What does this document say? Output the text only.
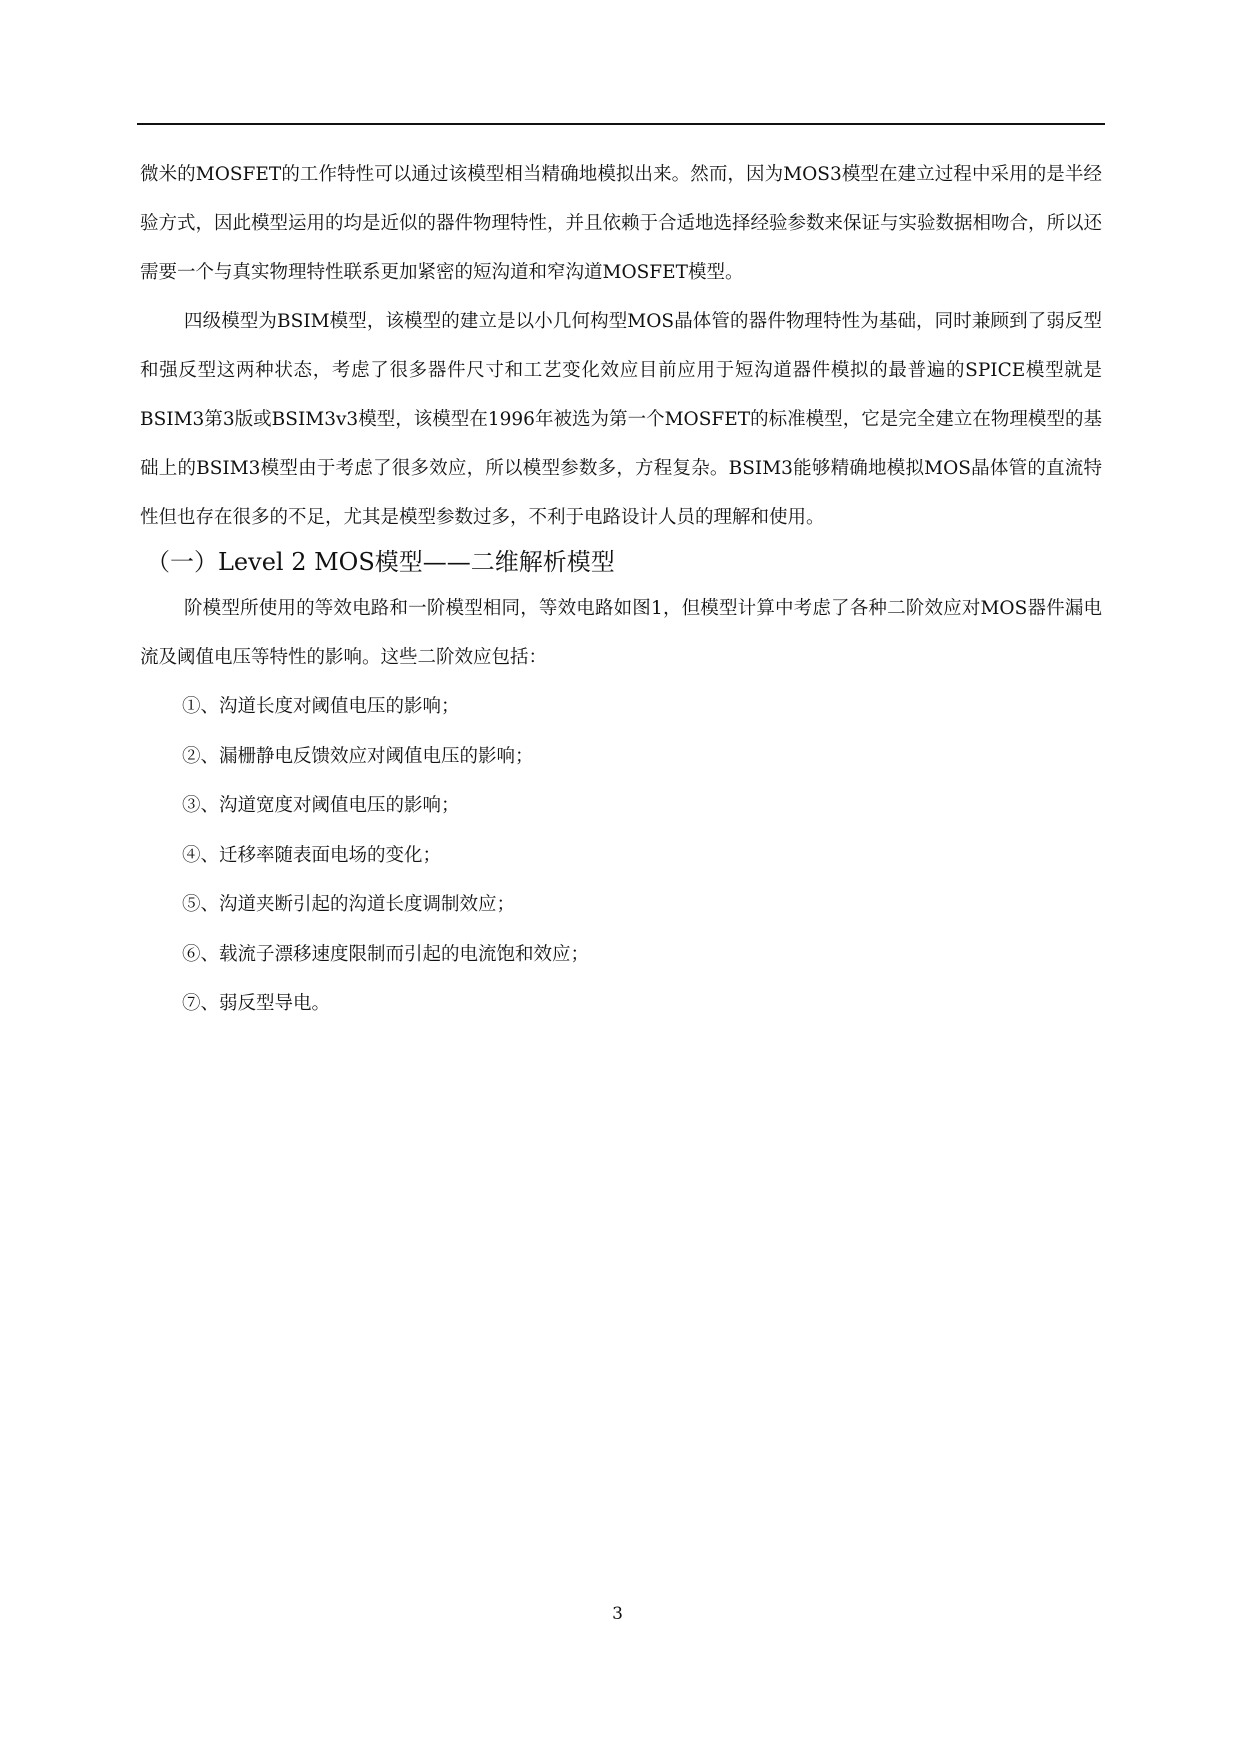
微米的MOSFET的工作特性可以通过该模型相当精确地模拟出来。然而，因为MOS3模型在建立过程中采用的是半经验方式，因此模型运用的均是近似的器件物理特性，并且依赖于合适地选择经验参数来保证与实验数据相吻合，所以还需要一个与真实物理特性联系更加紧密的短沟道和窄沟道MOSFET模型。

四级模型为BSIM模型，该模型的建立是以小几何构型MOS晶体管的器件物理特性为基础，同时兼顾到了弱反型和强反型这两种状态，考虑了很多器件尺寸和工艺变化效应目前应用于短沟道器件模拟的最普遍的SPICE模型就是BSIM3第3版或BSIM3v3模型，该模型在1996年被选为第一个MOSFET的标准模型，它是完全建立在物理模型的基础上的BSIM3模型由于考虑了很多效应，所以模型参数多，方程复杂。BSIM3能够精确地模拟MOS晶体管的直流特性但也存在很多的不足，尤其是模型参数过多，不利于电路设计人员的理解和使用。

（一）Level 2 MOS模型——二维解析模型

阶模型所使用的等效电路和一阶模型相同，等效电路如图1，但模型计算中考虑了各种二阶效应对MOS器件漏电流及阈值电压等特性的影响。这些二阶效应包括：

①、沟道长度对阈值电压的影响；
②、漏栅静电反馈效应对阈值电压的影响；
③、沟道宽度对阈值电压的影响；
④、迁移率随表面电场的变化；
⑤、沟道夹断引起的沟道长度调制效应；
⑥、载流子漂移速度限制而引起的电流饱和效应；
⑦、弱反型导电。
3
